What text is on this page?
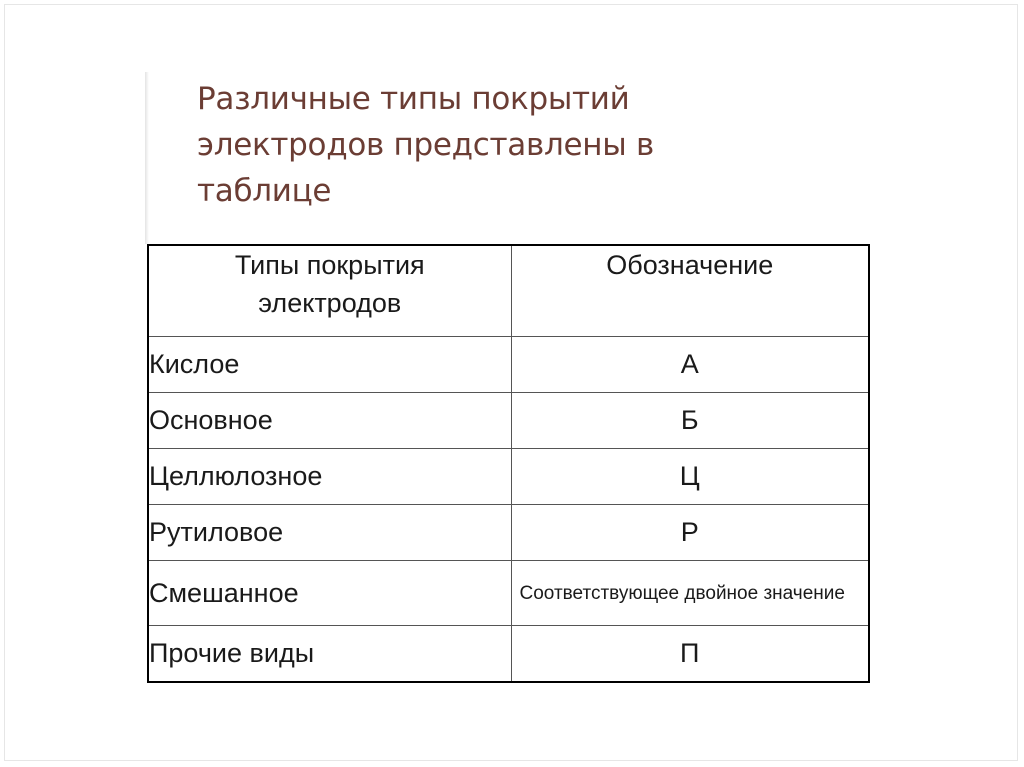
Различные типы покрытий электродов представлены в таблице
Типы покрытия электродов	Обозначение
Кислое	А
Основное	Б
Целлюлозное	Ц
Рутиловое	Р
Смешанное	Соответствующее двойное значение
Прочие виды	П
